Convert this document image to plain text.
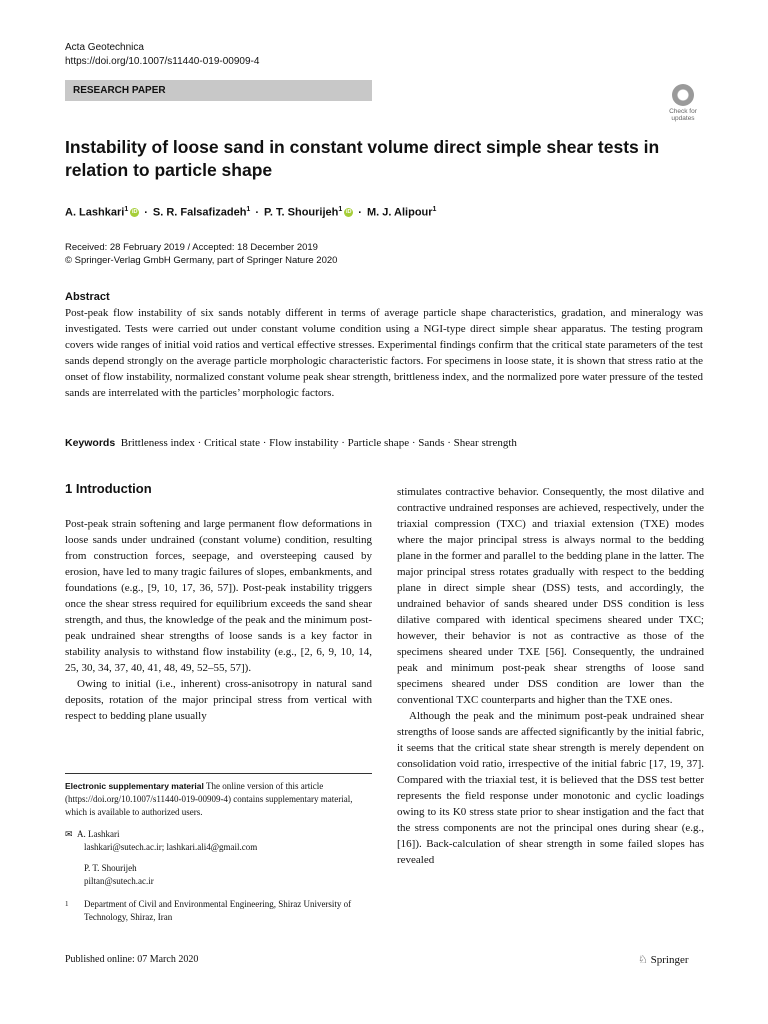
Acta Geotechnica
https://doi.org/10.1007/s11440-019-00909-4
RESEARCH PAPER
Check for updates
Instability of loose sand in constant volume direct simple shear tests in relation to particle shape
A. Lashkari$^1$ iD · S. R. Falsafizadeh$^1$ · P. T. Shourijeh$^1$ iD · M. J. Alipour$^1$
Received: 28 February 2019 / Accepted: 18 December 2019
© Springer-Verlag GmbH Germany, part of Springer Nature 2020
Abstract
Post-peak flow instability of six sands notably different in terms of average particle shape characteristics, gradation, and mineralogy was investigated. Tests were carried out under constant volume condition using a NGI-type direct simple shear apparatus. The testing program covers wide ranges of initial void ratios and vertical effective stresses. Experimental findings confirm that the critical state parameters of the test sands depend strongly on the average particle morphologic characteristic factors. For specimens in loose state, it is shown that stress ratio at the onset of flow instability, normalized constant volume peak shear strength, brittleness index, and the normalized pore water pressure of the tested sands are interrelated with the particles’ morphologic factors.
Keywords Brittleness index · Critical state · Flow instability · Particle shape · Sands · Shear strength
1 Introduction

Post-peak strain softening and large permanent flow deformations in loose sands under undrained (constant volume) condition, resulting from construction forces, seepage, and oversteeping caused by erosion, have led to many tragic failures of slopes, embankments, and foundations (e.g., [9, 10, 17, 36, 57]). Post-peak instability triggers once the shear stress required for equilibrium exceeds the sand shear strength, and thus, the knowledge of the peak and the minimum post-peak undrained shear strengths of loose sands is a key factor in stability analysis to withstand flow instability (e.g., [2, 6, 9, 10, 14, 25, 30, 34, 37, 40, 41, 48, 49, 52–55, 57]).

Owing to initial (i.e., inherent) cross-anisotropy in natural sand deposits, rotation of the major principal stress from vertical with respect to bedding plane usually

stimulates contractive behavior. Consequently, the most dilative and contractive undrained responses are achieved, respectively, under the triaxial compression (TXC) and triaxial extension (TXE) modes where the major principal stress is always normal to the bedding plane in the former and parallel to the bedding plane in the latter. The major principal stress rotates gradually with respect to the bedding plane in direct simple shear (DSS) tests, and accordingly, the undrained behavior of sands sheared under DSS condition is less dilative compared with identical specimens sheared under TXC; however, their behavior is not as contractive as those of the specimens sheared under TXE [56]. Consequently, the undrained peak and minimum post-peak shear strengths of loose sand specimens sheared under DSS condition are lower than the conventional TXC counterparts and higher than the TXE ones.

Although the peak and the minimum post-peak undrained shear strengths of loose sands are affected significantly by the initial fabric, it seems that the critical state shear strength is merely dependent on consolidation void ratio, irrespective of the initial fabric [17, 19, 37]. Compared with the triaxial test, it is believed that the DSS test better represents the field response under monotonic and cyclic loadings owing to its K0 stress state prior to shear instigation and the fact that the stress components are not the principal ones during shear (e.g., [16]). Back-calculation of shear strength in some failed slopes has revealed

Electronic supplementary material The online version of this article (https://doi.org/10.1007/s11440-019-00909-4) contains supplementary material, which is available to authorized users.
✉ A. Lashkari
lashkari@sutech.ac.ir; lashkari.ali4@gmail.com
P. T. Shourijeh
piltan@sutech.ac.ir
1 Department of Civil and Environmental Engineering, Shiraz University of Technology, Shiraz, Iran
Published online: 07 March 2020	♘ Springer
